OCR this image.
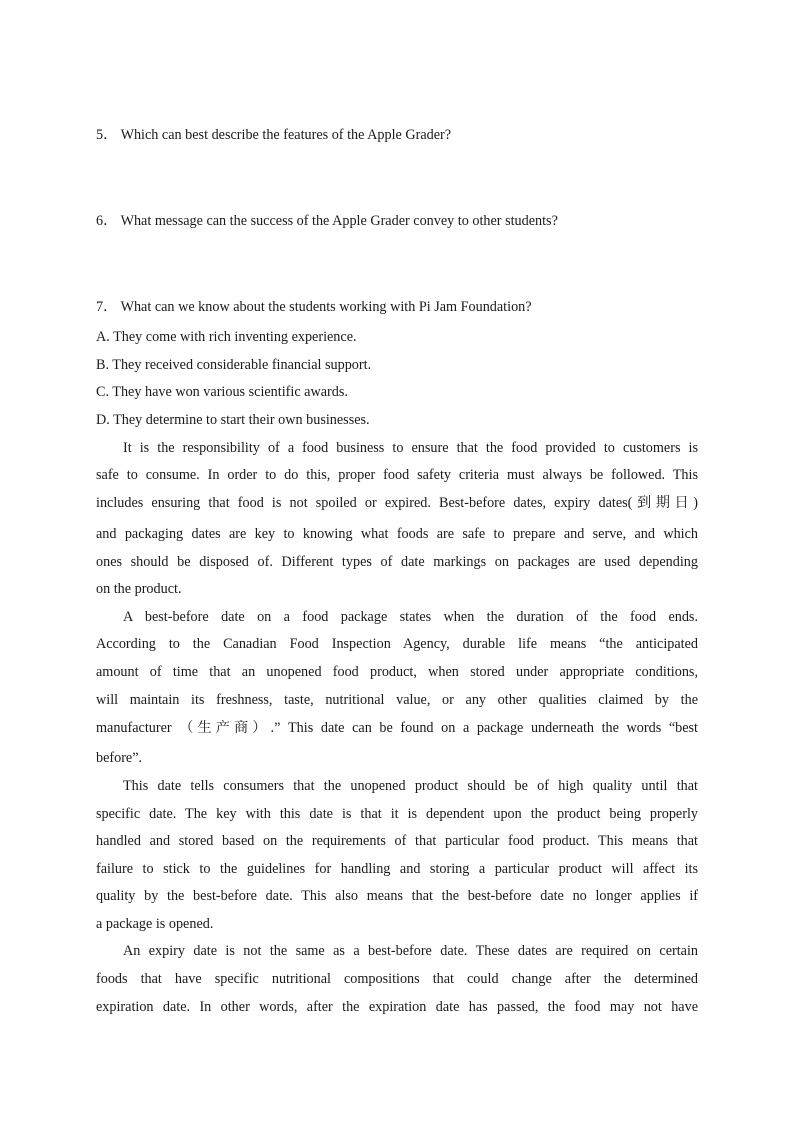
5． Which can best describe the features of the Apple Grader?
6． What message can the success of the Apple Grader convey to other students?
7． What can we know about the students working with Pi Jam Foundation?
A. They come with rich inventing experience.
B. They received considerable financial support.
C. They have won various scientific awards.
D. They determine to start their own businesses.
It is the responsibility of a food business to ensure that the food provided to customers is
safe to consume. In order to do this, proper food safety criteria must always be followed. This
includes ensuring that food is not spoiled or expired. Best-before dates, expiry dates(到期日)
and packaging dates are key to knowing what foods are safe to prepare and serve, and which
ones should be disposed of. Different types of date markings on packages are used depending
on the product.
A best-before date on a food package states when the duration of the food ends.
According to the Canadian Food Inspection Agency, durable life means “the anticipated
amount of time that an unopened food product, when stored under appropriate conditions,
will maintain its freshness, taste, nutritional value, or any other qualities claimed by the
manufacturer （生产商）.” This date can be found on a package underneath the words “best
before”.
This date tells consumers that the unopened product should be of high quality until that
specific date. The key with this date is that it is dependent upon the product being properly
handled and stored based on the requirements of that particular food product. This means that
failure to stick to the guidelines for handling and storing a particular product will affect its
quality by the best-before date. This also means that the best-before date no longer applies if
a package is opened.
An expiry date is not the same as a best-before date. These dates are required on certain
foods that have specific nutritional compositions that could change after the determined
expiration date. In other words, after the expiration date has passed, the food may not have
